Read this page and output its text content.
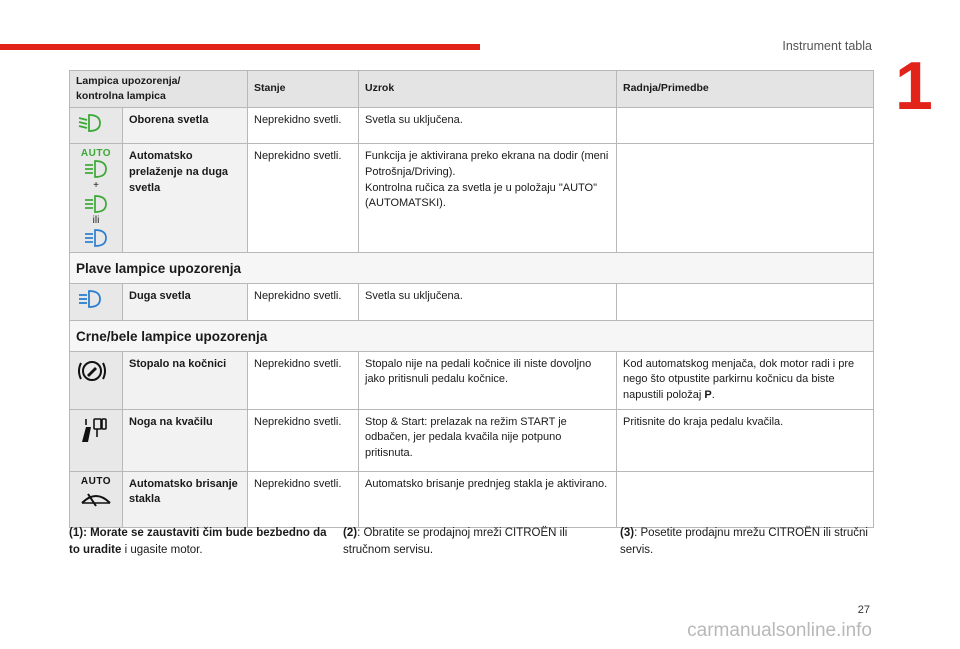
Instrument tabla
1
Lampica upozorenja/
kontrolna lampica		Stanje	Uzrok	Radnja/Primedbe
	Oborena svetla	Neprekidno svetli.	Svetla su uključena.	

AUTO
+
ili	Automatsko prelaženje na duga svetla	Neprekidno svetli.	Funkcija je aktivirana preko ekrana na dodir (meni Potrošnja/Driving).
Kontrolna ručica za svetla je u položaju "AUTO" (AUTOMATSKI).	
Plave lampice upozorenja				
	Duga svetla	Neprekidno svetli.	Svetla su uključena.	
Crne/bele lampice upozorenja				
	Stopalo na kočnici	Neprekidno svetli.	Stopalo nije na pedali kočnice ili niste dovoljno jako pritisnuli pedalu kočnice.	Kod automatskog menjača, dok motor radi i pre nego što otpustite parkirnu kočnicu da biste napustili položaj P.
	Noga na kvačilu	Neprekidno svetli.	Stop & Start: prelazak na režim START je odbačen, jer pedala kvačila nije potpuno pritisnuta.	Pritisnite do kraja pedalu kvačila.

AUTO	Automatsko brisanje stakla	Neprekidno svetli.	Automatsko brisanje prednjeg stakla je aktivirano.	
(1): Morate se zaustaviti čim bude bezbedno da to uradite i ugasite motor.
(2): Obratite se prodajnoj mreži CITROËN ili stručnom servisu.
(3): Posetite prodajnu mrežu CITROËN ili stručni servis.
27
carmanualsonline.info
